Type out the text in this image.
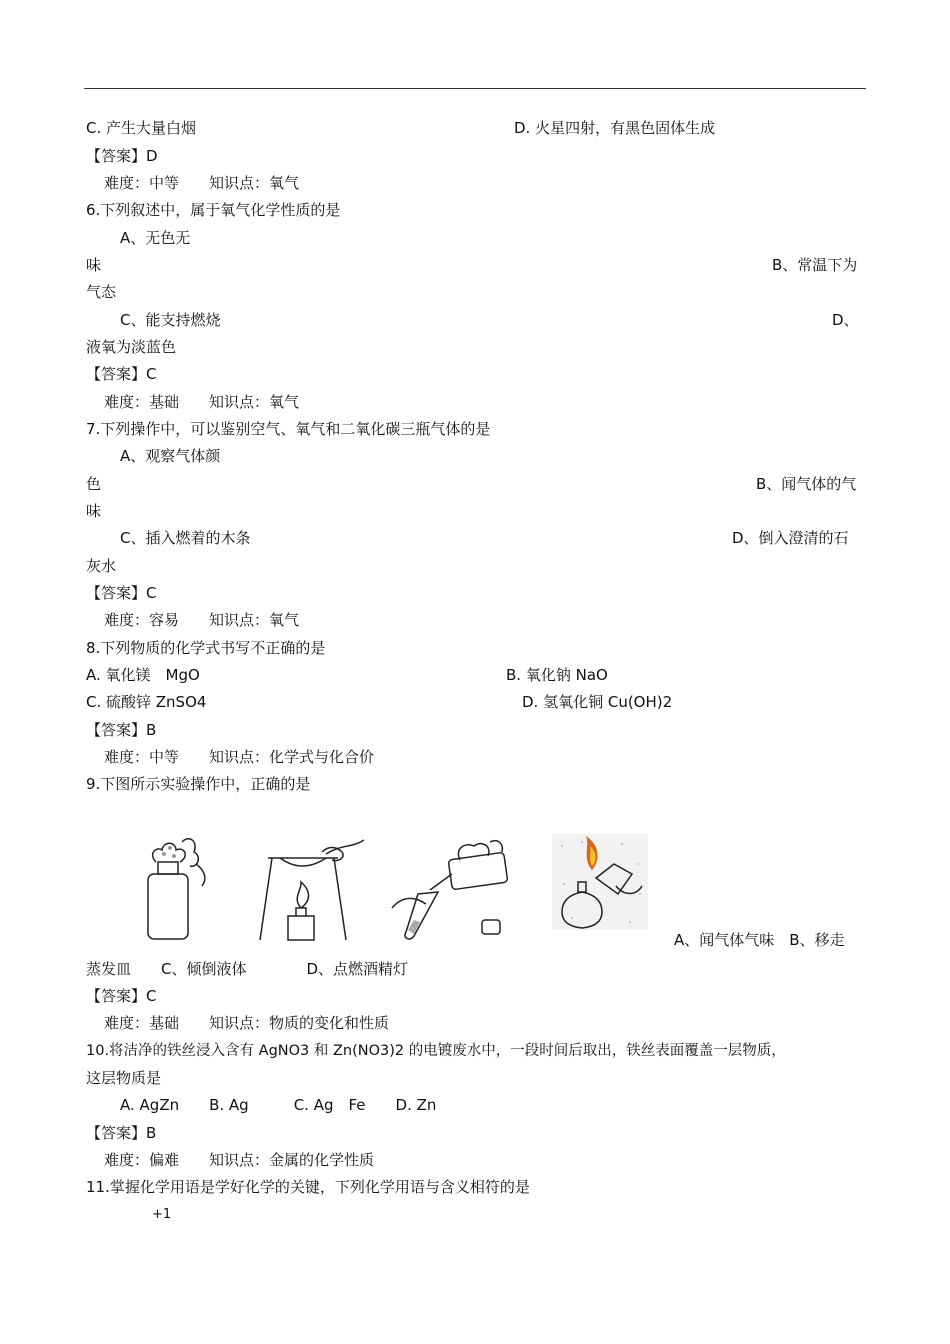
C. 产生大量白烟	D. 火星四射，有黑色固体生成
【答案】D
难度：中等　　知识点：氧气
6.下列叙述中，属于氧气化学性质的是
A、无色无
味	B、常温下为
气态
C、能支持燃烧	D、
液氧为淡蓝色
【答案】C
难度：基础　　知识点：氧气
7.下列操作中，可以鉴别空气、氧气和二氧化碳三瓶气体的是
A、观察气体颜
色	B、闻气体的气
味
C、插入燃着的木条	D、倒入澄清的石
灰水
【答案】C
难度：容易　　知识点：氧气
8.下列物质的化学式书写不正确的是
A. 氧化镁　MgO	B. 氧化钠 NaO
C. 硫酸锌 ZnSO4	D. 氢氧化铜 Cu(OH)2
【答案】B
难度：中等　　知识点：化学式与化合价
9.下图所示实验操作中，正确的是
A、闻气体气味　B、移走
蒸发皿　　C、倾倒液体　　　　D、点燃酒精灯
【答案】C
难度：基础　　知识点：物质的变化和性质
10.将洁净的铁丝浸入含有 AgNO3 和 Zn(NO3)2 的电镀废水中，一段时间后取出，铁丝表面覆盖一层物质，
这层物质是
A. AgZn　　B. Ag　　　C. Ag　Fe　　D. Zn
【答案】B
难度：偏难　　知识点：金属的化学性质
11.掌握化学用语是学好化学的关键，下列化学用语与含义相符的是
+1
